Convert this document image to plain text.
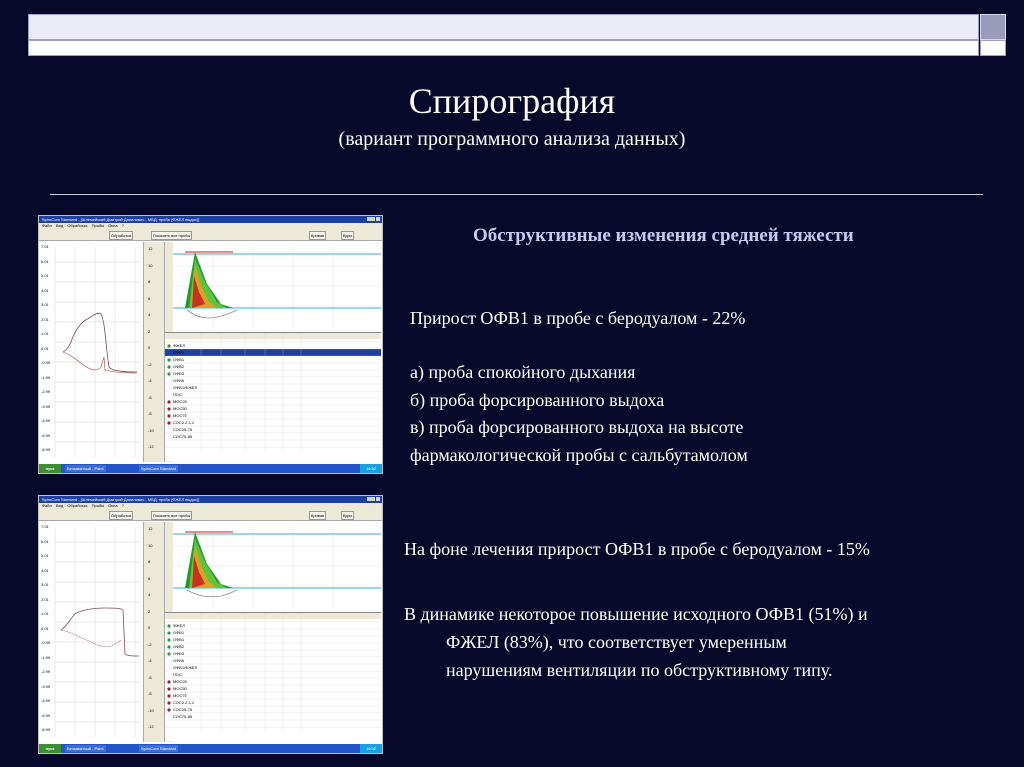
Спирография
(вариант программного анализа данных)
SpiroCom Standard - [Шлемейский Дмитрий Данилович - МБД: проба (ФЖЕЛ выдох)]
Файл Вид Обработка Пробы Окна ?
Обработка	Показать все пробы	Кривая	Вдох
7.01
6.01
5.01
4.01
3.01
2.01
1.01
0.01
-0.99
-1.99
-2.99
-3.99
-4.99
-5.99
-6.99
12
10
8
6
4
2
0
-2
-4
-6
-8
-10
-12
ФЖЕЛ
ОФВ1
ОФВ1
ОФВ2
ОФВ3
ОФВ6
ОФВ1/ФЖЕЛ
ПОС
МОС25
МОС50
МОС75
СОС0.2-1.2
СОС25-75
СОС75-85
пуск	Безымянный - Paint	SpiroCom Standard	14:52
SpiroCom Standard - [Шлемейский Дмитрий Данилович - МБД: проба (ФЖЕЛ выдох)]
Файл Вид Обработка Пробы Окна ?
Обработка	Показать все пробы	Кривая	Вдох
7.01
6.01
5.01
4.01
3.01
2.01
1.01
0.01
-0.99
-1.99
-2.99
-3.99
-4.99
-5.99
-6.99
12
10
8
6
4
2
0
-2
-4
-6
-8
-10
-12
ФЖЕЛ
ОФВ1
ОФВ1
ОФВ2
ОФВ3
ОФВ6
ОФВ1/ФЖЕЛ
ПОС
МОС25
МОС50
МОС75
СОС0.2-1.2
СОС25-75
СОС75-85
пуск	Безымянный - Paint	SpiroCom Standard	14:52
Обструктивные изменения средней тяжести
Прирост ОФВ1 в пробе с беродуалом - 22%
а) проба спокойного дыхания
б) проба форсированного выдоха
в) проба форсированного выдоха на высоте
фармакологической пробы с сальбутамолом
На фоне лечения прирост ОФВ1 в пробе с беродуалом - 15%
В динамике некоторое повышение исходного ОФВ1 (51%) и
ФЖЕЛ (83%), что соответствует умеренным
нарушениям вентиляции по обструктивному типу.
